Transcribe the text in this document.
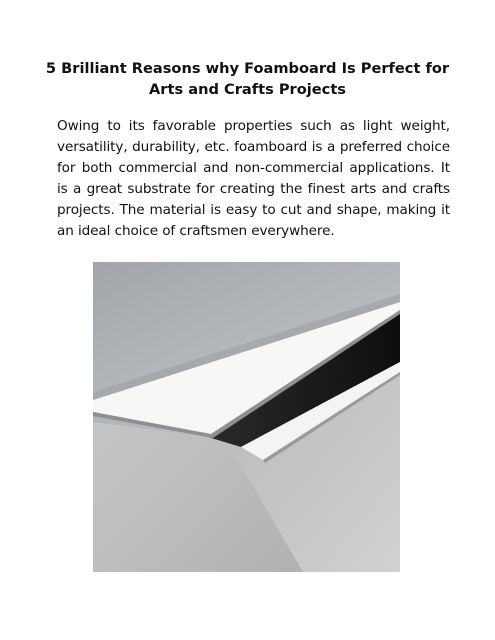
5 Brilliant Reasons why Foamboard Is Perfect for Arts and Crafts Projects

Owing to its favorable properties such as light weight, versatility, durability, etc. foamboard is a preferred choice for both commercial and non-commercial applications. It is a great substrate for creating the finest arts and crafts projects. The material is easy to cut and shape, making it an ideal choice of craftsmen everywhere.
